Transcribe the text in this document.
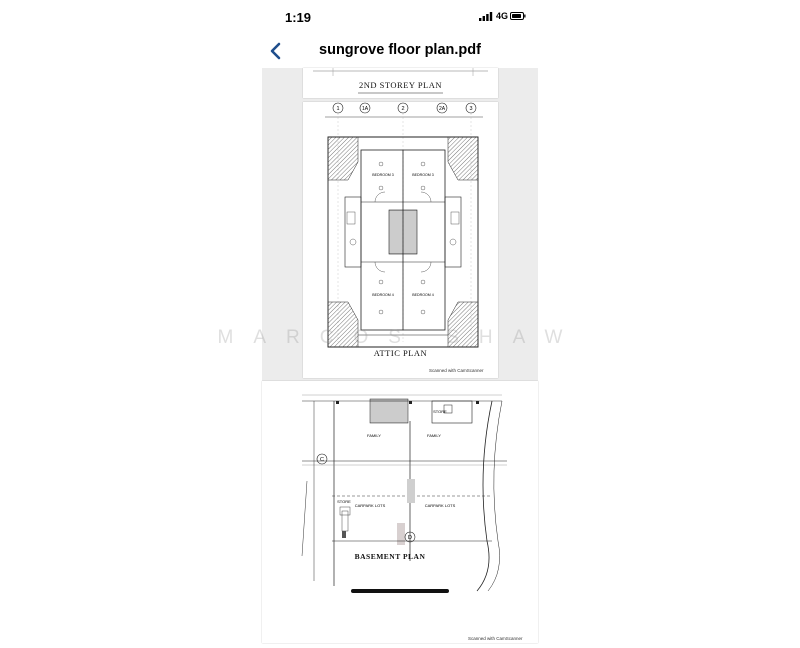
1:19	4G
sungrove floor plan.pdf
2ND STOREY PLAN
1	1A	2	2A	3
BEDROOM 3	BEDROOM 3
BEDROOM 4	BEDROOM 4
ATTIC PLAN
Scanned with CamScanner
C
D
FAMILY	FAMILY
STORE
CARPARK LOTS	CARPARK LOTS
STORE
BASEMENT PLAN
Scanned with CamScanner
MARCOS SHAW
